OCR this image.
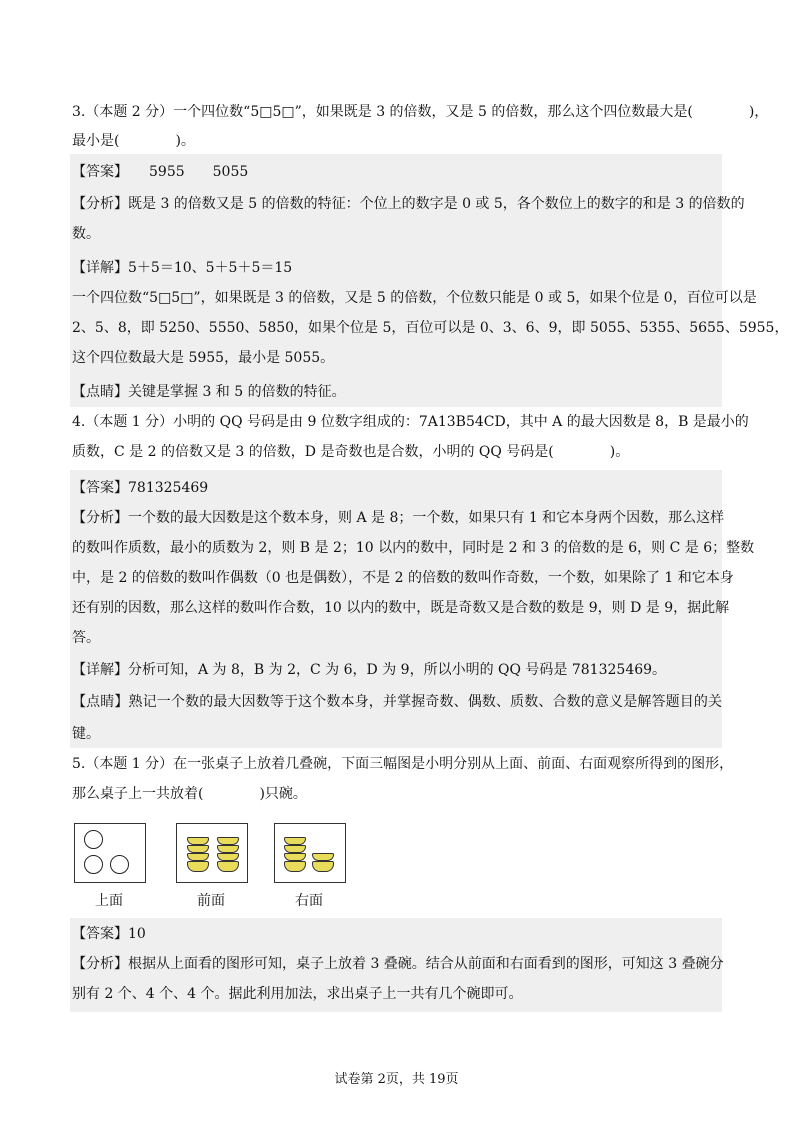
3.（本题 2 分）一个四位数“5□5□”，如果既是 3 的倍数，又是 5 的倍数，那么这个四位数最大是(　　　　)，
最小是(　　　　)。
【答案】　　5955　　5055
【分析】既是 3 的倍数又是 5 的倍数的特征：个位上的数字是 0 或 5，各个数位上的数字的和是 3 的倍数的
数。
【详解】5＋5＝10、5＋5＋5＝15
一个四位数“5□5□”，如果既是 3 的倍数，又是 5 的倍数，个位数只能是 0 或 5，如果个位是 0，百位可以是
2、5、8，即 5250、5550、5850，如果个位是 5，百位可以是 0、3、6、9，即 5055、5355、5655、5955，
这个四位数最大是 5955，最小是 5055。
【点睛】关键是掌握 3 和 5 的倍数的特征。
4.（本题 1 分）小明的 QQ 号码是由 9 位数字组成的：7A13B54CD，其中 A 的最大因数是 8，B 是最小的
质数，C 是 2 的倍数又是 3 的倍数，D 是奇数也是合数，小明的 QQ 号码是(　　　　)。
【答案】781325469
【分析】一个数的最大因数是这个数本身，则 A 是 8；一个数，如果只有 1 和它本身两个因数，那么这样
的数叫作质数，最小的质数为 2，则 B 是 2；10 以内的数中，同时是 2 和 3 的倍数的是 6，则 C 是 6；整数
中，是 2 的倍数的数叫作偶数（0 也是偶数），不是 2 的倍数的数叫作奇数，一个数，如果除了 1 和它本身
还有别的因数，那么这样的数叫作合数，10 以内的数中，既是奇数又是合数的数是 9，则 D 是 9，据此解
答。
【详解】分析可知，A 为 8，B 为 2，C 为 6，D 为 9，所以小明的 QQ 号码是 781325469。
【点睛】熟记一个数的最大因数等于这个数本身，并掌握奇数、偶数、质数、合数的意义是解答题目的关
键。
5.（本题 1 分）在一张桌子上放着几叠碗，下面三幅图是小明分别从上面、前面、右面观察所得到的图形，
那么桌子上一共放着(　　　　)只碗。
上面	前面	右面
【答案】10
【分析】根据从上面看的图形可知，桌子上放着 3 叠碗。结合从前面和右面看到的图形，可知这 3 叠碗分
别有 2 个、4 个、4 个。据此利用加法，求出桌子上一共有几个碗即可。
试卷第 2页，共 19页
